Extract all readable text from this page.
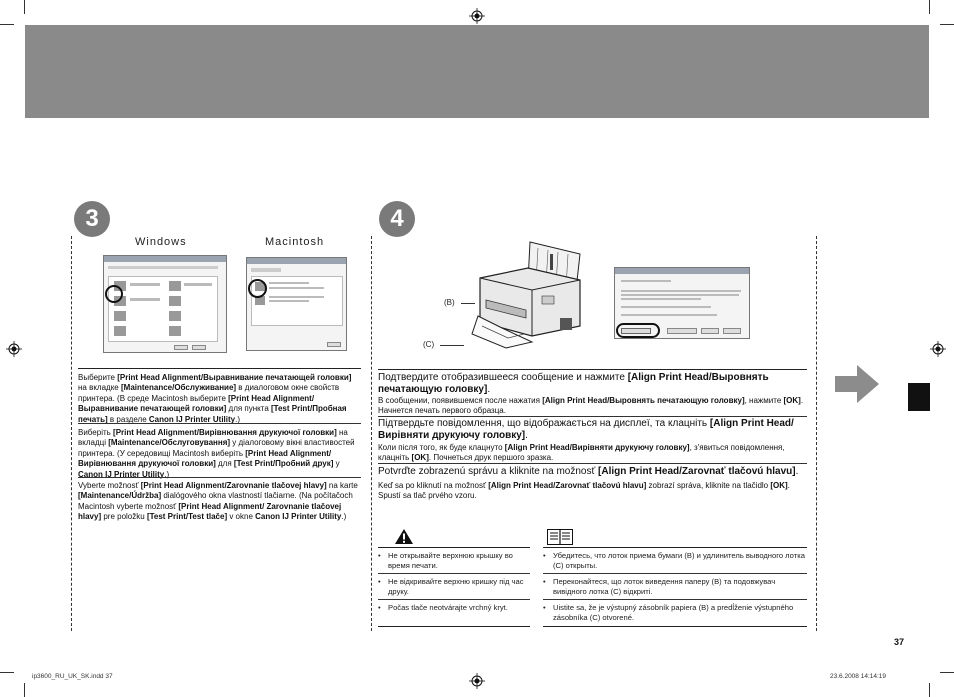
3	4
Windows	Macintosh
Выберите [Print Head Alignment/Выравнивание печатающей головки] на вкладке [Maintenance/Обслуживание] в диалоговом окне свойств принтера. (В среде Macintosh выберите [Print Head Alignment/Выравнивание печатающей головки] для пункта [Test Print/Пробная печать] в разделе Canon IJ Printer Utility.)
Виберіть [Print Head Alignment/Вирівнювання друкуючої головки] на вкладці [Maintenance/Обслуговування] у діалоговому вікні властивостей принтера. (У середовищі Macintosh виберіть [Print Head Alignment/Вирівнювання друкуючої головки] для [Test Print/Пробний друк] у Canon IJ Printer Utility.)
Vyberte možnosť [Print Head Alignment/Zarovnanie tlačovej hlavy] na karte [Maintenance/Údržba] dialógového okna vlastností tlačiarne. (Na počítačoch Macintosh vyberte možnosť [Print Head Alignment/ Zarovnanie tlačovej hlavy] pre položku [Test Print/Test tlače] v okne Canon IJ Printer Utility.)
(B)
(C)
Подтвердите отобразившееся сообщение и нажмите [Align Print Head/Выровнять печатающую головку].
В сообщении, появившемся после нажатия [Align Print Head/Выровнять печатающую головку], нажмите [OK]. Начнется печать первого образца.
Підтвердьте повідомлення, що відображається на дисплеї, та клацніть [Align Print Head/Вирівняти друкуючу головку].
Коли після того, як буде клацнуто [Align Print Head/Вирівняти друкуючу головку], з'явиться повідомлення, клацніть [OK]. Почнеться друк першого зразка.
Potvrďte zobrazenú správu a kliknite na možnosť [Align Print Head/Zarovnať tlačovú hlavu].
Keď sa po kliknutí na možnosť [Align Print Head/Zarovnať tlačovú hlavu] zobrazí správa, kliknite na tlačidlo [OK]. Spustí sa tlač prvého vzoru.
• Не открывайте верхнюю крышку во время печати.
• Не відкривайте верхню кришку під час друку.
• Počas tlače neotvárajte vrchný kryt.
• Убедитесь, что лоток приема бумаги (B) и удлинитель выводного лотка (C) открыты.
• Переконайтеся, що лоток виведення паперу (B) та подовжувач вивідного лотка (C) відкриті.
• Uistite sa, že je výstupný zásobník papiera (B) a predĺženie výstupného zásobníka (C) otvorené.
37
ip3600_RU_UK_SK.indd 37	23.6.2008 14:14:19
